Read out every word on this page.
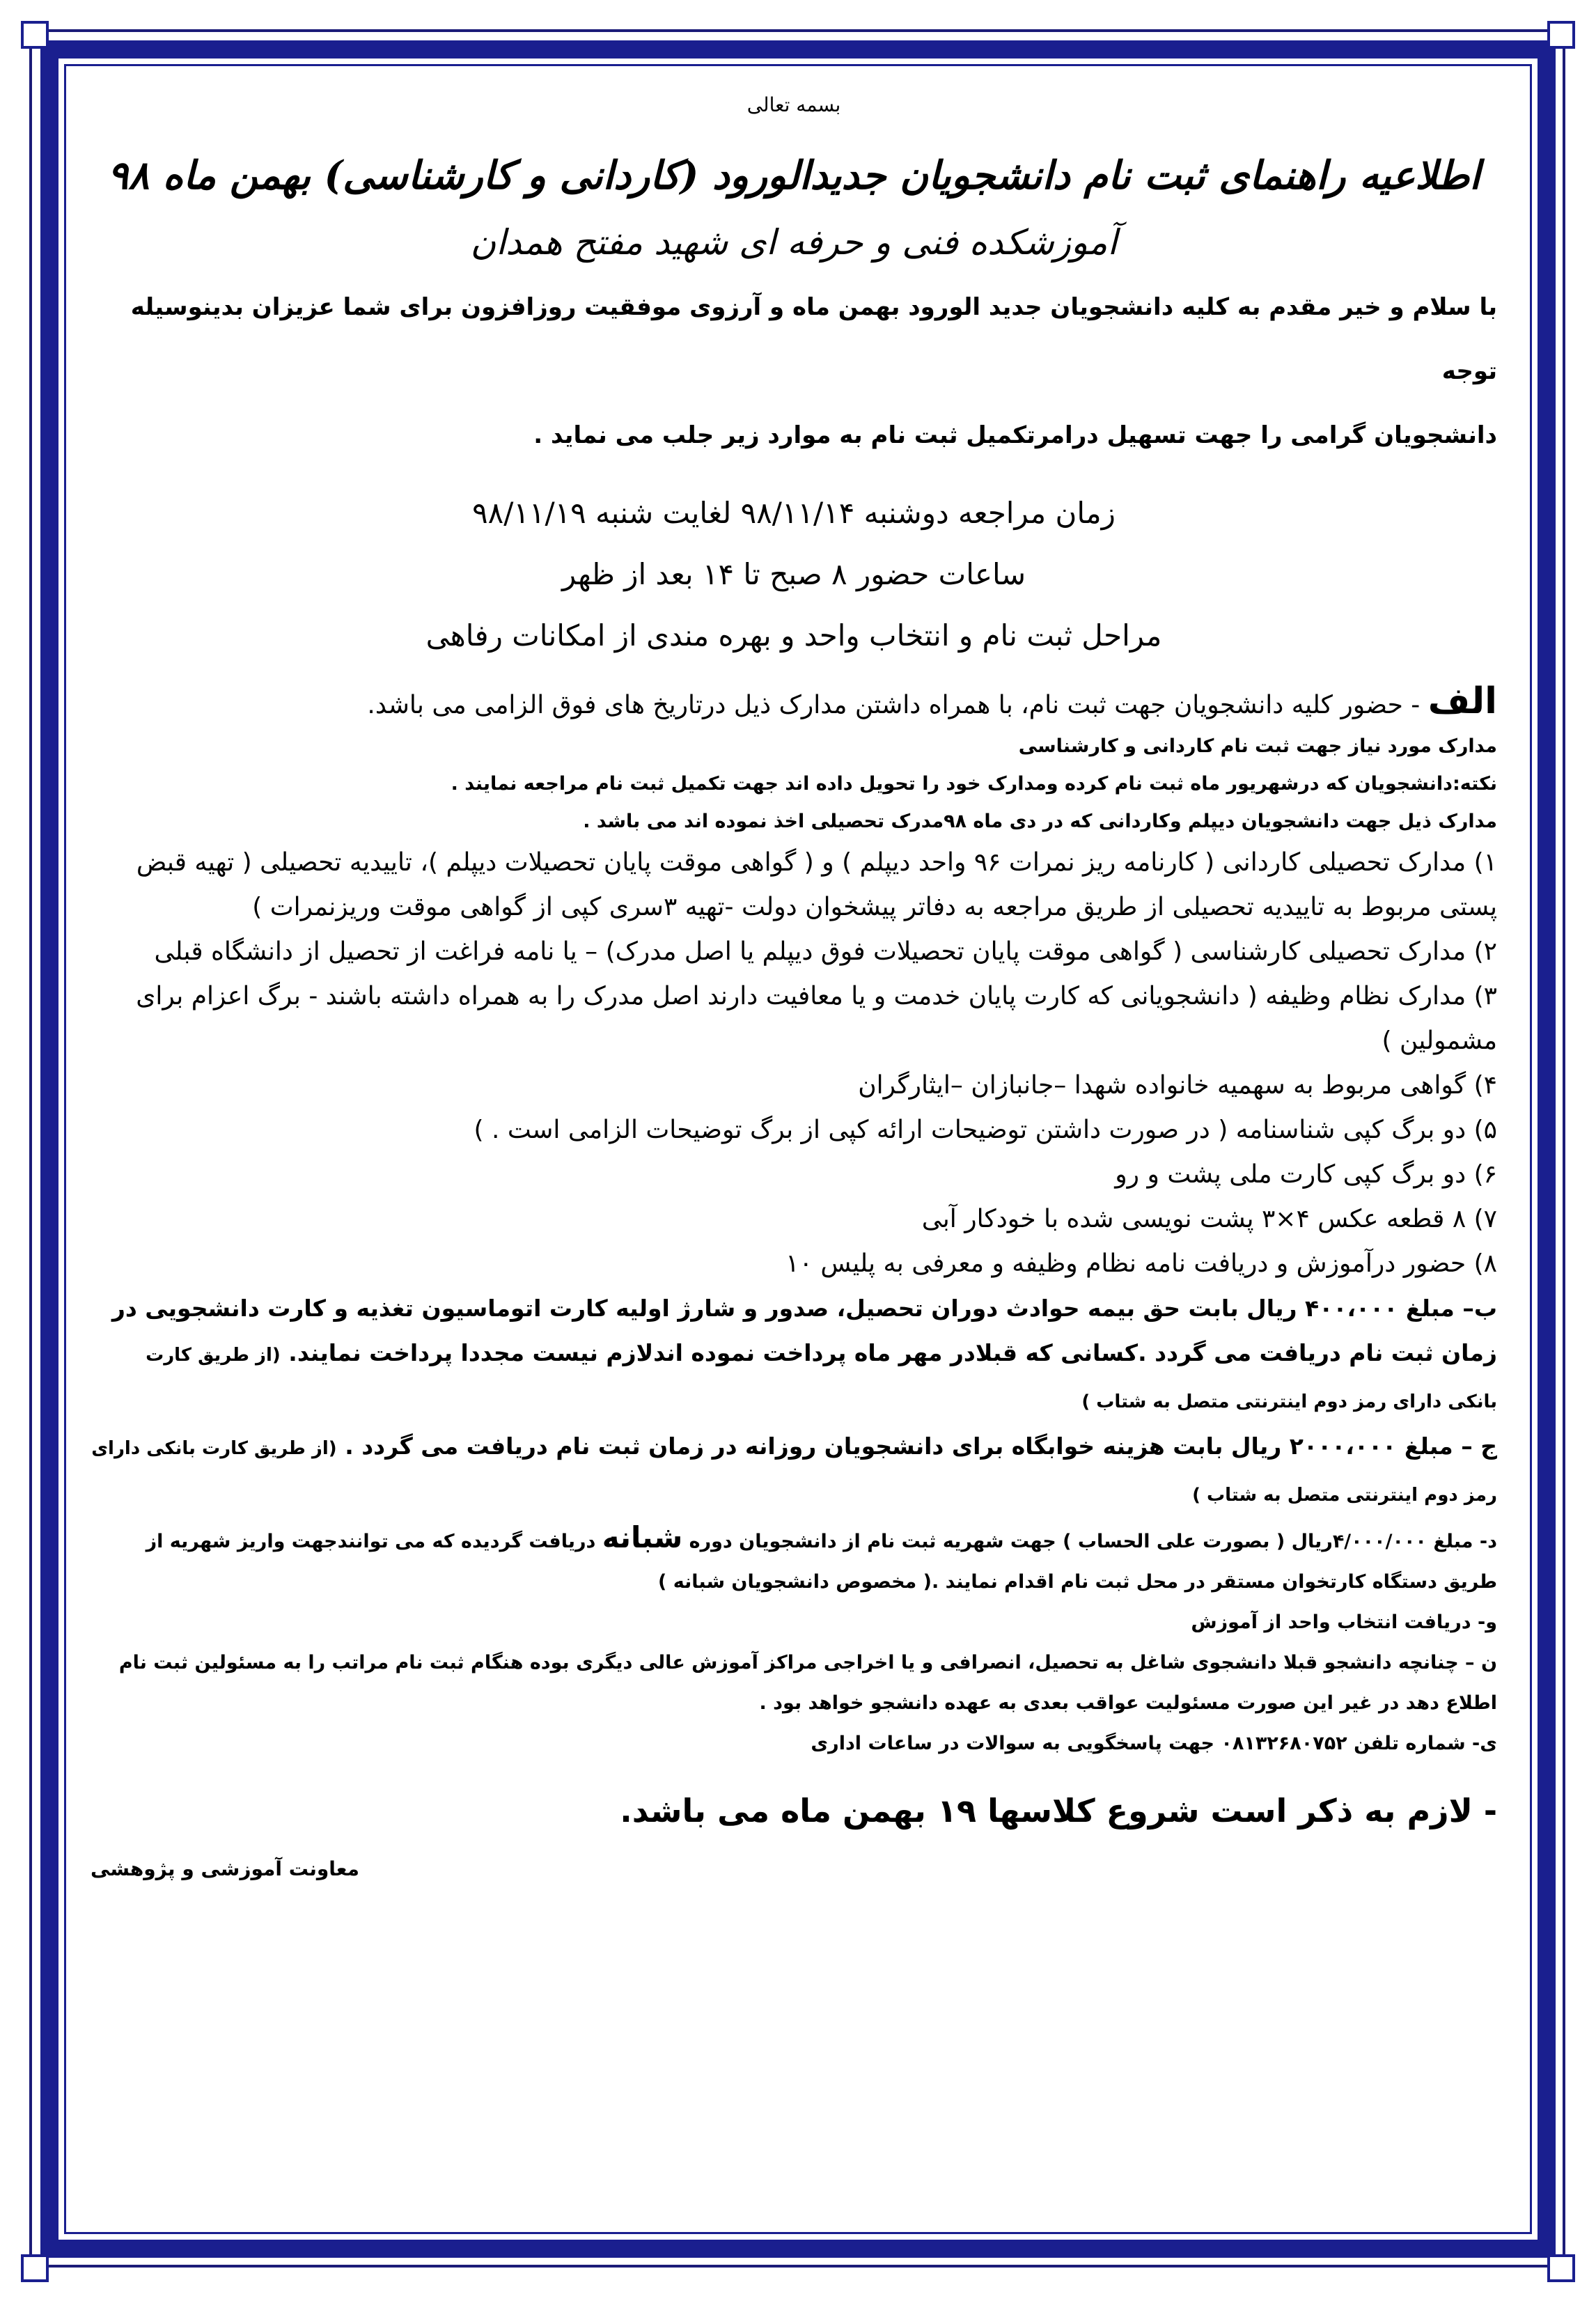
بسمه تعالی
اطلاعیه راهنمای ثبت نام دانشجویان جدیدالورود (کاردانی و کارشناسی) بهمن ماه ۹۸
آموزشکده فنی و حرفه ای شهید مفتح همدان
با سلام و خیر مقدم به کلیه دانشجویان جدید الورود بهمن ماه و آرزوی موفقیت روزافزون برای شما عزیزان بدینوسیله توجه
دانشجویان گرامی را جهت تسهیل درامرتکمیل ثبت نام به موارد زیر جلب می نماید .
زمان مراجعه دوشنبه ۹۸/۱۱/۱۴ لغایت شنبه ۹۸/۱۱/۱۹
ساعات حضور ۸ صبح تا ۱۴ بعد از ظهر
مراحل ثبت نام و انتخاب واحد و بهره مندی از امکانات رفاهی
الف - حضور کلیه دانشجویان جهت ثبت نام، با همراه داشتن مدارک ذیل درتاریخ های فوق الزامی می باشد.
مدارک مورد نیاز جهت ثبت نام کاردانی و کارشناسی
نکته:دانشجویان که درشهریور ماه ثبت نام کرده ومدارک خود را تحویل داده اند جهت تکمیل ثبت نام مراجعه نمایند .
مدارک ذیل جهت دانشجویان دیپلم وکاردانی که در دی ماه ۹۸مدرک تحصیلی اخذ نموده اند می باشد .
۱) مدارک تحصیلی کاردانی ( کارنامه ریز نمرات ۹۶ واحد دیپلم ) و ( گواهی موقت پایان تحصیلات دیپلم )، تاییدیه تحصیلی ( تهیه قبض پستی مربوط به تاییدیه تحصیلی از طریق مراجعه به دفاتر پیشخوان دولت -تهیه ۳سری کپی از گواهی موقت وریزنمرات )
۲) مدارک تحصیلی کارشناسی ( گواهی موقت پایان تحصیلات فوق دیپلم یا اصل مدرک) – یا نامه فراغت از تحصیل از دانشگاه قبلی
۳) مدارک نظام وظیفه ( دانشجویانی که کارت پایان خدمت و یا معافیت دارند اصل مدرک را به همراه داشته باشند - برگ اعزام برای مشمولین )
۴) گواهی مربوط به سهمیه خانواده شهدا –جانبازان –ایثارگران
۵) دو برگ کپی شناسنامه ( در صورت داشتن توضیحات ارائه کپی از برگ توضیحات الزامی است . )
۶) دو برگ کپی کارت ملی پشت و رو
۷) ۸ قطعه عکس ۴×۳ پشت نویسی شده با خودکار آبی
۸) حضور درآموزش و دریافت نامه نظام وظیفه و معرفی به پلیس ۱۰
ب– مبلغ ۴۰۰،۰۰۰ ریال بابت حق بیمه حوادث دوران تحصیل، صدور و شارژ اولیه کارت اتوماسیون تغذیه و کارت دانشجویی در زمان ثبت نام دریافت می گردد .کسانی که قبلادر مهر ماه پرداخت نموده اندلازم نیست مجددا پرداخت نمایند. (از طریق کارت بانکی دارای رمز دوم اینترنتی متصل به شتاب )
ج – مبلغ ۲۰۰۰،۰۰۰ ریال بابت هزینه خوابگاه برای دانشجویان روزانه در زمان ثبت نام دریافت می گردد . (از طریق کارت بانکی دارای رمز دوم اینترنتی متصل به شتاب )
د- مبلغ ۴/۰۰۰/۰۰۰ریال ( بصورت علی الحساب ) جهت شهریه ثبت نام از دانشجویان دوره شبانه دریافت گردیده که می توانندجهت واریز شهریه از طریق دستگاه کارتخوان مستقر در محل ثبت نام اقدام نمایند .( مخصوص دانشجویان شبانه )
و- دریافت انتخاب واحد از آموزش
ن – چنانچه دانشجو قبلا دانشجوی شاغل به تحصیل، انصرافی و یا اخراجی مراکز آموزش عالی دیگری بوده هنگام ثبت نام مراتب را به مسئولین ثبت نام اطلاع دهد در غیر این صورت مسئولیت عواقب بعدی به عهده دانشجو خواهد بود .
ی- شماره تلفن ۰۸۱۳۲۶۸۰۷۵۲ جهت پاسخگویی به سوالات در ساعات اداری
- لازم به ذکر است شروع کلاسها ۱۹ بهمن ماه می باشد.
معاونت آموزشی و پژوهشی
